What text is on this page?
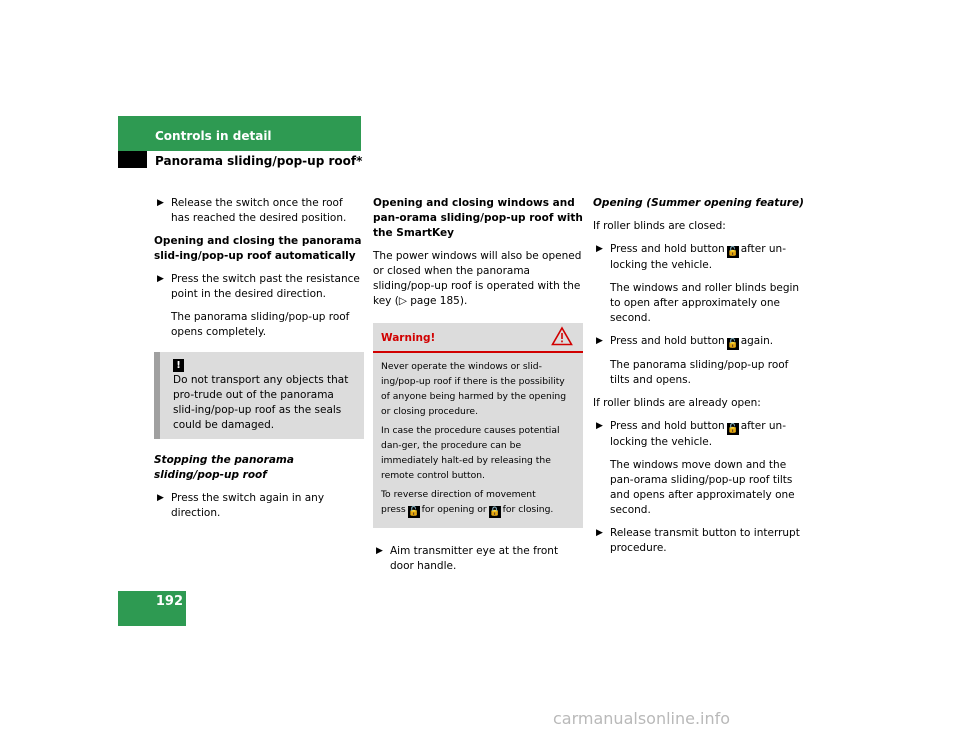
Controls in detail
Panorama sliding/pop-up roof*
▶ Release the switch once the roof has reached the desired position.

Opening and closing the panorama slid-ing/pop-up roof automatically

▶ Press the switch past the resistance point in the desired direction.

The panorama sliding/pop-up roof opens completely.

!
Do not transport any objects that pro-trude out of the panorama slid-ing/pop-up roof as the seals could be damaged.

Stopping the panorama sliding/pop-up roof

▶ Press the switch again in any direction.

Opening and closing windows and pan-orama sliding/pop-up roof with the SmartKey

The power windows will also be opened or closed when the panorama sliding/pop-up roof is operated with the key (▷ page 185).

Warning!

Never operate the windows or slid-ing/pop-up roof if there is the possibility of anyone being harmed by the opening or closing procedure.

In case the procedure causes potential dan-ger, the procedure can be immediately halt-ed by releasing the remote control button.

To reverse direction of movement
press 🔓 for opening or 🔒 for closing.

▶ Aim transmitter eye at the front door handle.

Opening (Summer opening feature)

If roller blinds are closed:

▶ Press and hold button 🔓 after un-locking the vehicle.

The windows and roller blinds begin to open after approximately one second.

▶ Press and hold button 🔓 again.

The panorama sliding/pop-up roof tilts and opens.

If roller blinds are already open:

▶ Press and hold button 🔓 after un-locking the vehicle.

The windows move down and the pan-orama sliding/pop-up roof tilts and opens after approximately one second.

▶ Release transmit button to interrupt procedure.
192
carmanualsonline.info
